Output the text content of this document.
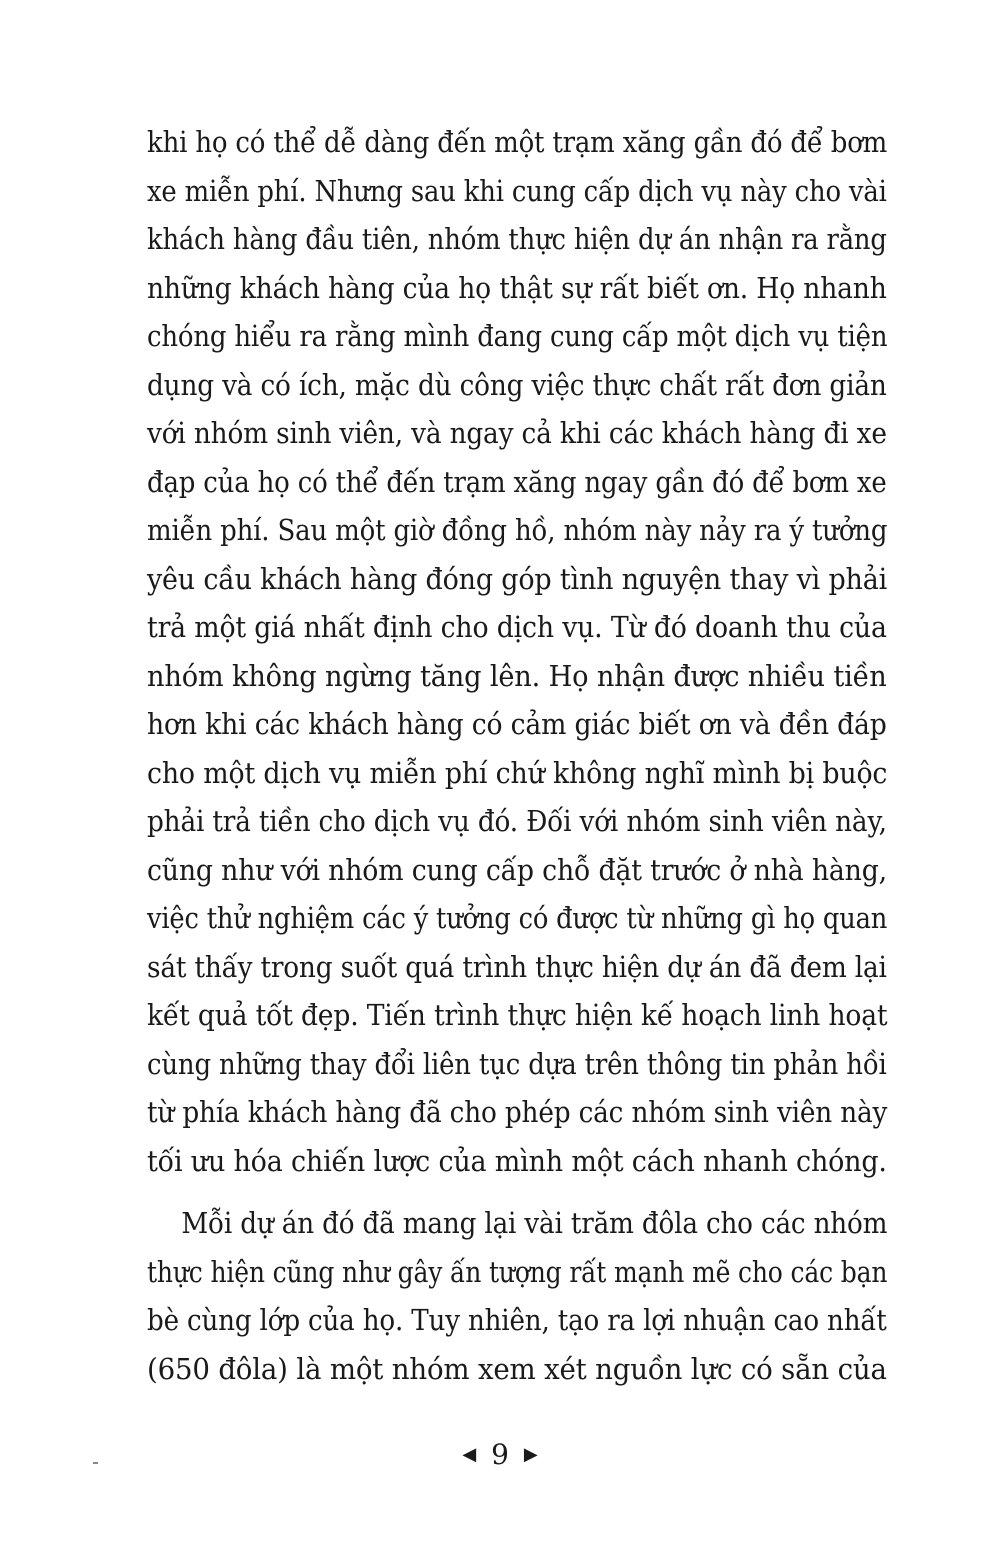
khi họ có thể dễ dàng đến một trạm xăng gần đó để bơm
xe miễn phí. Nhưng sau khi cung cấp dịch vụ này cho vài
khách hàng đầu tiên, nhóm thực hiện dự án nhận ra rằng
những khách hàng của họ thật sự rất biết ơn. Họ nhanh
chóng hiểu ra rằng mình đang cung cấp một dịch vụ tiện
dụng và có ích, mặc dù công việc thực chất rất đơn giản
với nhóm sinh viên, và ngay cả khi các khách hàng đi xe
đạp của họ có thể đến trạm xăng ngay gần đó để bơm xe
miễn phí. Sau một giờ đồng hồ, nhóm này nảy ra ý tưởng
yêu cầu khách hàng đóng góp tình nguyện thay vì phải
trả một giá nhất định cho dịch vụ. Từ đó doanh thu của
nhóm không ngừng tăng lên. Họ nhận được nhiều tiền
hơn khi các khách hàng có cảm giác biết ơn và đền đáp
cho một dịch vụ miễn phí chứ không nghĩ mình bị buộc
phải trả tiền cho dịch vụ đó. Đối với nhóm sinh viên này,
cũng như với nhóm cung cấp chỗ đặt trước ở nhà hàng,
việc thử nghiệm các ý tưởng có được từ những gì họ quan
sát thấy trong suốt quá trình thực hiện dự án đã đem lại
kết quả tốt đẹp. Tiến trình thực hiện kế hoạch linh hoạt
cùng những thay đổi liên tục dựa trên thông tin phản hồi
từ phía khách hàng đã cho phép các nhóm sinh viên này
tối ưu hóa chiến lược của mình một cách nhanh chóng.
Mỗi dự án đó đã mang lại vài trăm đôla cho các nhóm
thực hiện cũng như gây ấn tượng rất mạnh mẽ cho các bạn
bè cùng lớp của họ. Tuy nhiên, tạo ra lợi nhuận cao nhất
(650 đôla) là một nhóm xem xét nguồn lực có sẵn của
◀ 9 ▶
